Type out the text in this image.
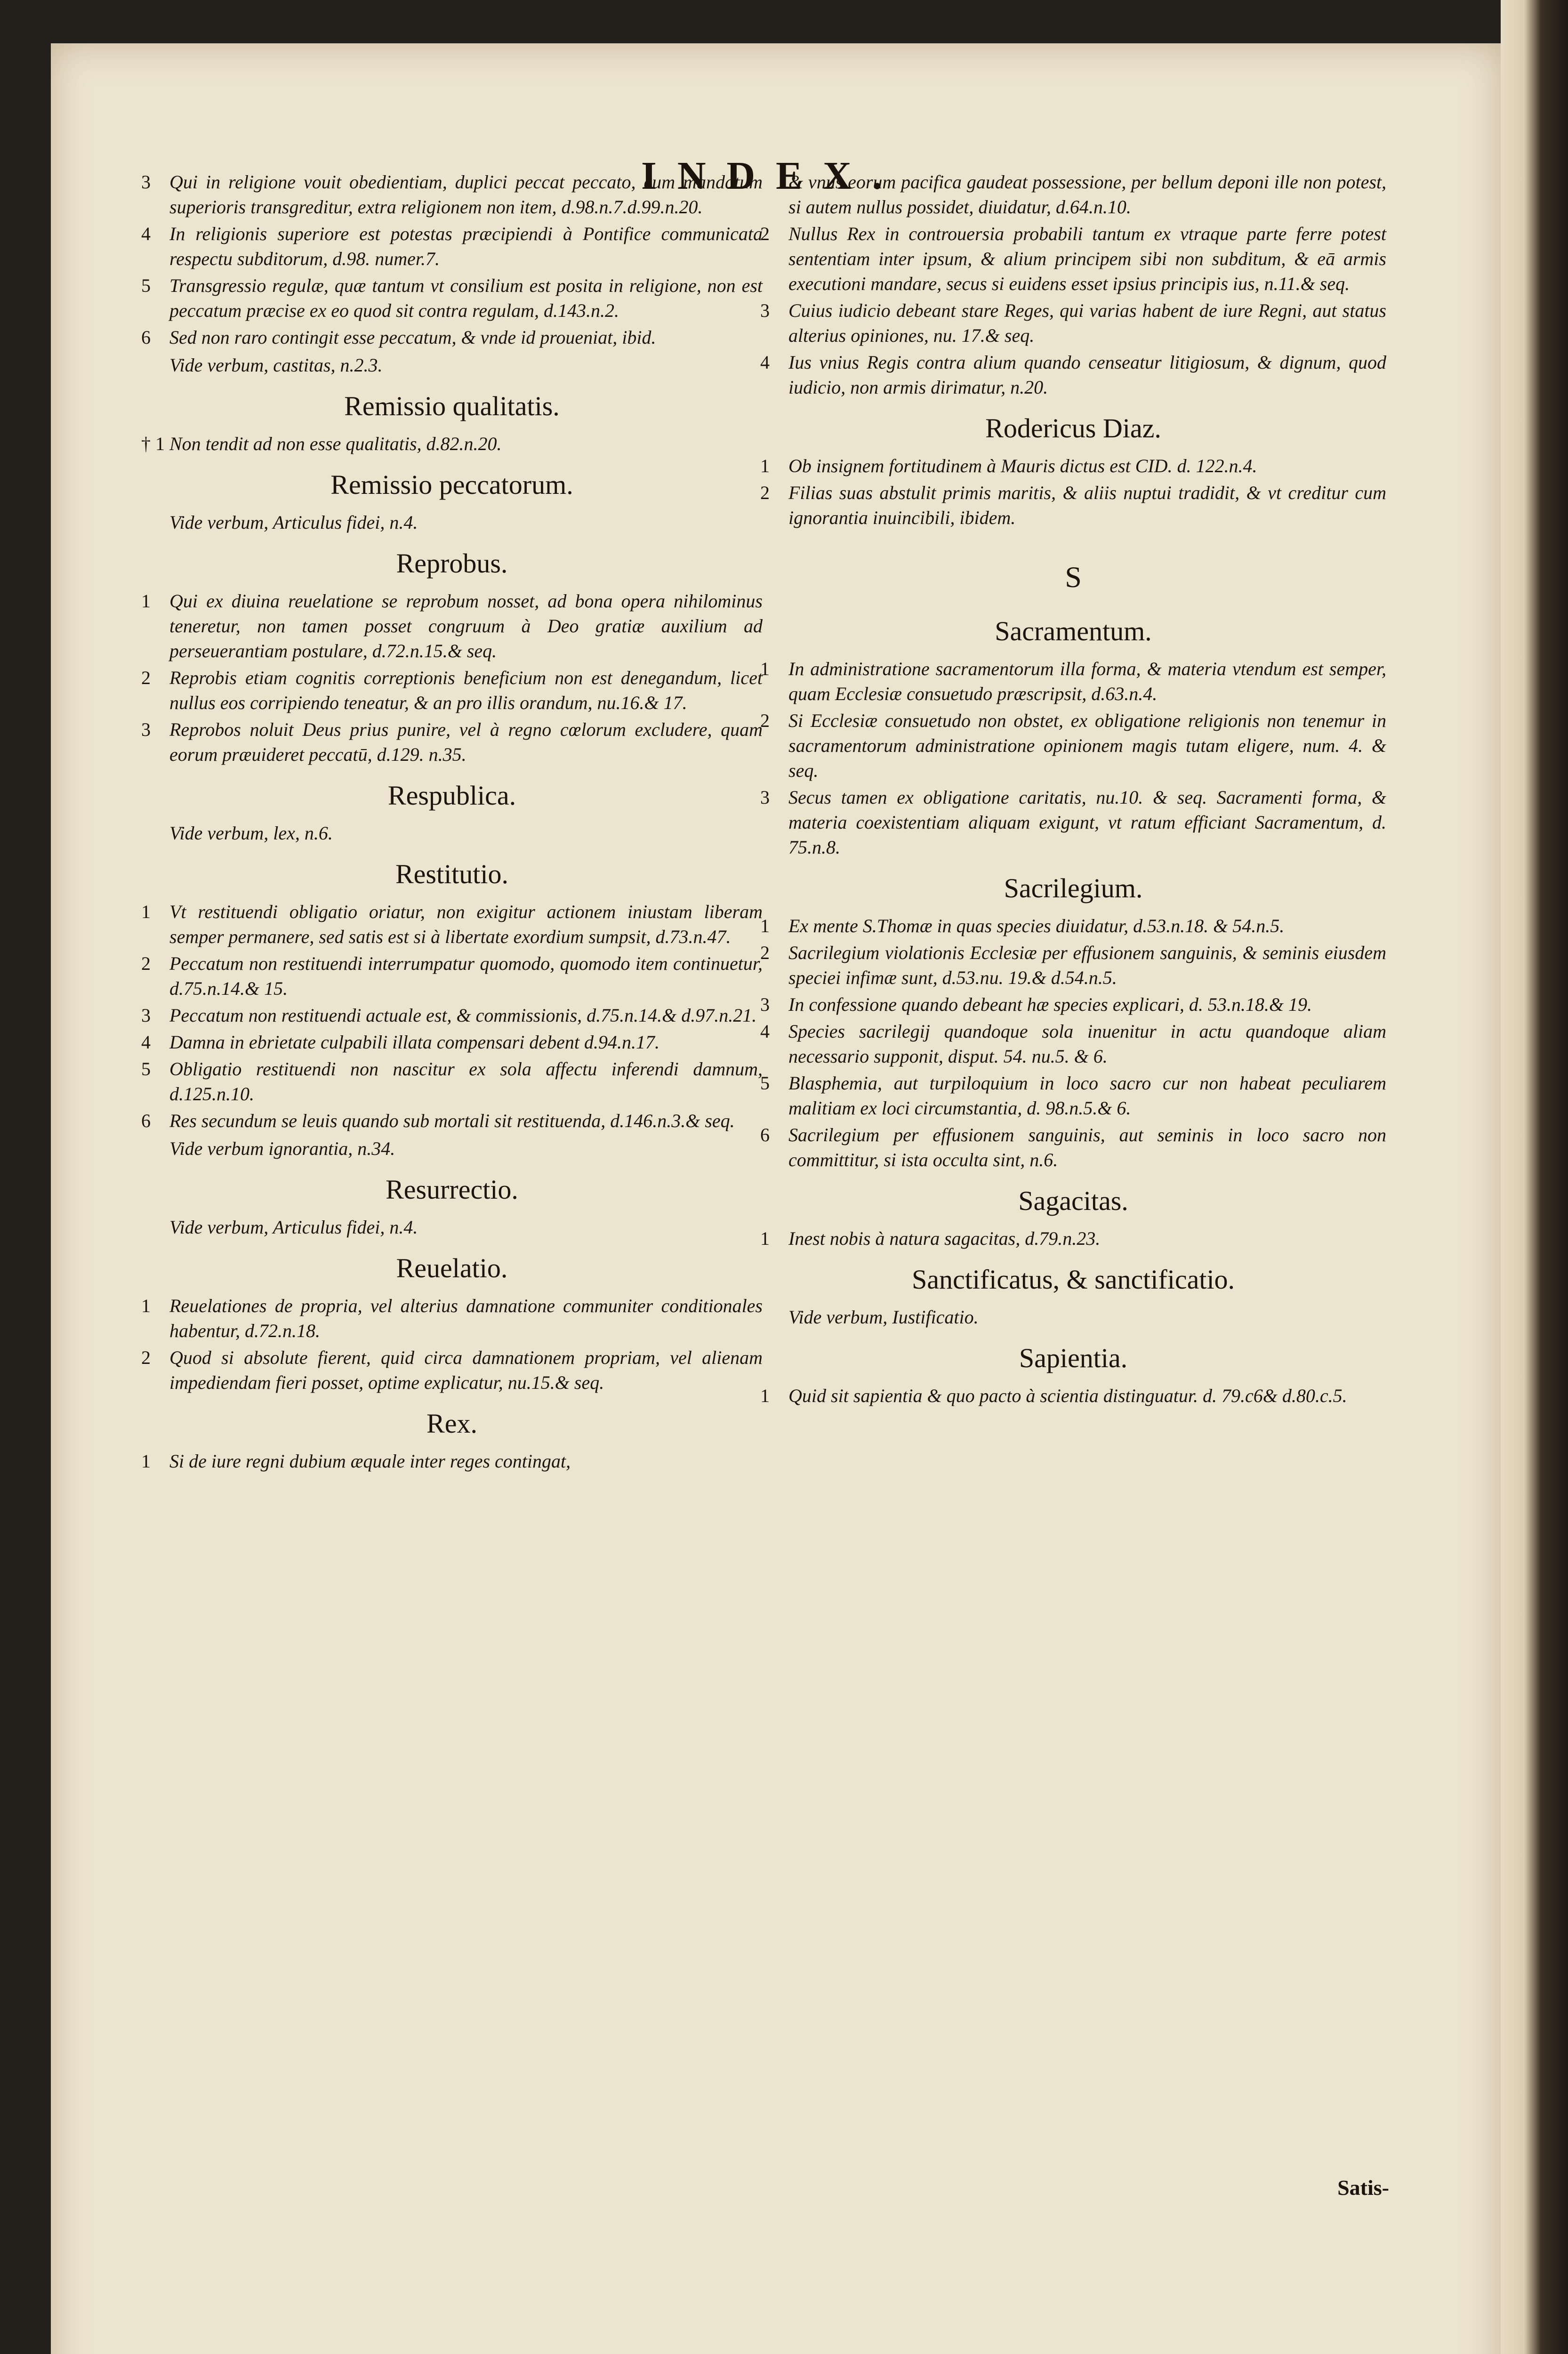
INDEX.
3 Qui in religione vouit obedientiam, duplici peccat peccato, cum mandatum superioris transgreditur, extra religionem non item, d.98.n.7.d.99.n.20.
4 In religionis superiore est potestas præcipiendi à Pontifice communicata respectu subditorum, d.98. numer.7.
5 Transgressio regulæ, quæ tantum vt consilium est posita in religione, non est peccatum præcise ex eo quod sit contra regulam, d.143.n.2.
6 Sed non raro contingit esse peccatum, & vnde id proueniat, ibid.
Vide verbum, castitas, n.2.3.
Remissio qualitatis.
† 1 Non tendit ad non esse qualitatis, d.82.n.20.
Remissio peccatorum.
Vide verbum, Articulus fidei, n.4.
Reprobus.
1 Qui ex diuina reuelatione se reprobum nosset, ad bona opera nihilominus teneretur, non tamen posset congruum à Deo gratiæ auxilium ad perseuerantiam postulare, d.72.n.15.& seq.
2 Reprobis etiam cognitis correptionis beneficium non est denegandum, licet nullus eos corripiendo teneatur, & an pro illis orandum, nu.16.& 17.
3 Reprobos noluit Deus prius punire, vel à regno cœlorum excludere, quam eorum præuideret peccatū, d.129. n.35.
Respublica.
Vide verbum, lex, n.6.
Restitutio.
1 Vt restituendi obligatio oriatur, non exigitur actionem iniustam liberam semper permanere, sed satis est si à libertate exordium sumpsit, d.73.n.47.
2 Peccatum non restituendi interrumpatur quomodo, quomodo item continuetur, d.75.n.14.& 15.
3 Peccatum non restituendi actuale est, & commissionis, d.75.n.14.& d.97.n.21.
4 Damna in ebrietate culpabili illata compensari debent d.94.n.17.
5 Obligatio restituendi non nascitur ex sola affectu inferendi damnum, d.125.n.10.
6 Res secundum se leuis quando sub mortali sit restituenda, d.146.n.3.& seq.
Vide verbum ignorantia, n.34.
Resurrectio.
Vide verbum, Articulus fidei, n.4.
Reuelatio.
1 Reuelationes de propria, vel alterius damnatione communiter conditionales habentur, d.72.n.18.
2 Quod si absolute fierent, quid circa damnationem propriam, vel alienam impediendam fieri posset, optime explicatur, nu.15.& seq.
Rex.
1 Si de iure regni dubium æquale inter reges contingat,
& vnus eorum pacifica gaudeat possessione, per bellum deponi ille non potest, si autem nullus possidet, diuidatur, d.64.n.10.
2 Nullus Rex in controuersia probabili tantum ex vtraque parte ferre potest sententiam inter ipsum, & alium principem sibi non subditum, & eā armis executioni mandare, secus si euidens esset ipsius principis ius, n.11.& seq.
3 Cuius iudicio debeant stare Reges, qui varias habent de iure Regni, aut status alterius opiniones, nu. 17.& seq.
4 Ius vnius Regis contra alium quando censeatur litigiosum, & dignum, quod iudicio, non armis dirimatur, n.20.
Rodericus Diaz.
1 Ob insignem fortitudinem à Mauris dictus est CID. d. 122.n.4.
2 Filias suas abstulit primis maritis, & aliis nuptui tradidit, & vt creditur cum ignorantia inuincibili, ibidem.
S
Sacramentum.
1 In administratione sacramentorum illa forma, & materia vtendum est semper, quam Ecclesiæ consuetudo præscripsit, d.63.n.4.
2 Si Ecclesiæ consuetudo non obstet, ex obligatione religionis non tenemur in sacramentorum administratione opinionem magis tutam eligere, num. 4. & seq.
3 Secus tamen ex obligatione caritatis, nu.10. & seq. Sacramenti forma, & materia coexistentiam aliquam exigunt, vt ratum efficiant Sacramentum, d. 75.n.8.
Sacrilegium.
1 Ex mente S.Thomæ in quas species diuidatur, d.53.n.18. & 54.n.5.
2 Sacrilegium violationis Ecclesiæ per effusionem sanguinis, & seminis eiusdem speciei infimæ sunt, d.53.nu. 19.& d.54.n.5.
3 In confessione quando debeant hæ species explicari, d. 53.n.18.& 19.
4 Species sacrilegij quandoque sola inuenitur in actu quandoque aliam necessario supponit, disput. 54. nu.5. & 6.
5 Blasphemia, aut turpiloquium in loco sacro cur non habeat peculiarem malitiam ex loci circumstantia, d. 98.n.5.& 6.
6 Sacrilegium per effusionem sanguinis, aut seminis in loco sacro non committitur, si ista occulta sint, n.6.
Sagacitas.
1 Inest nobis à natura sagacitas, d.79.n.23.
Sanctificatus, & sanctificatio.
Vide verbum, Iustificatio.
Sapientia.
1 Quid sit sapientia & quo pacto à scientia distinguatur. d. 79.c6& d.80.c.5.
Satis-
